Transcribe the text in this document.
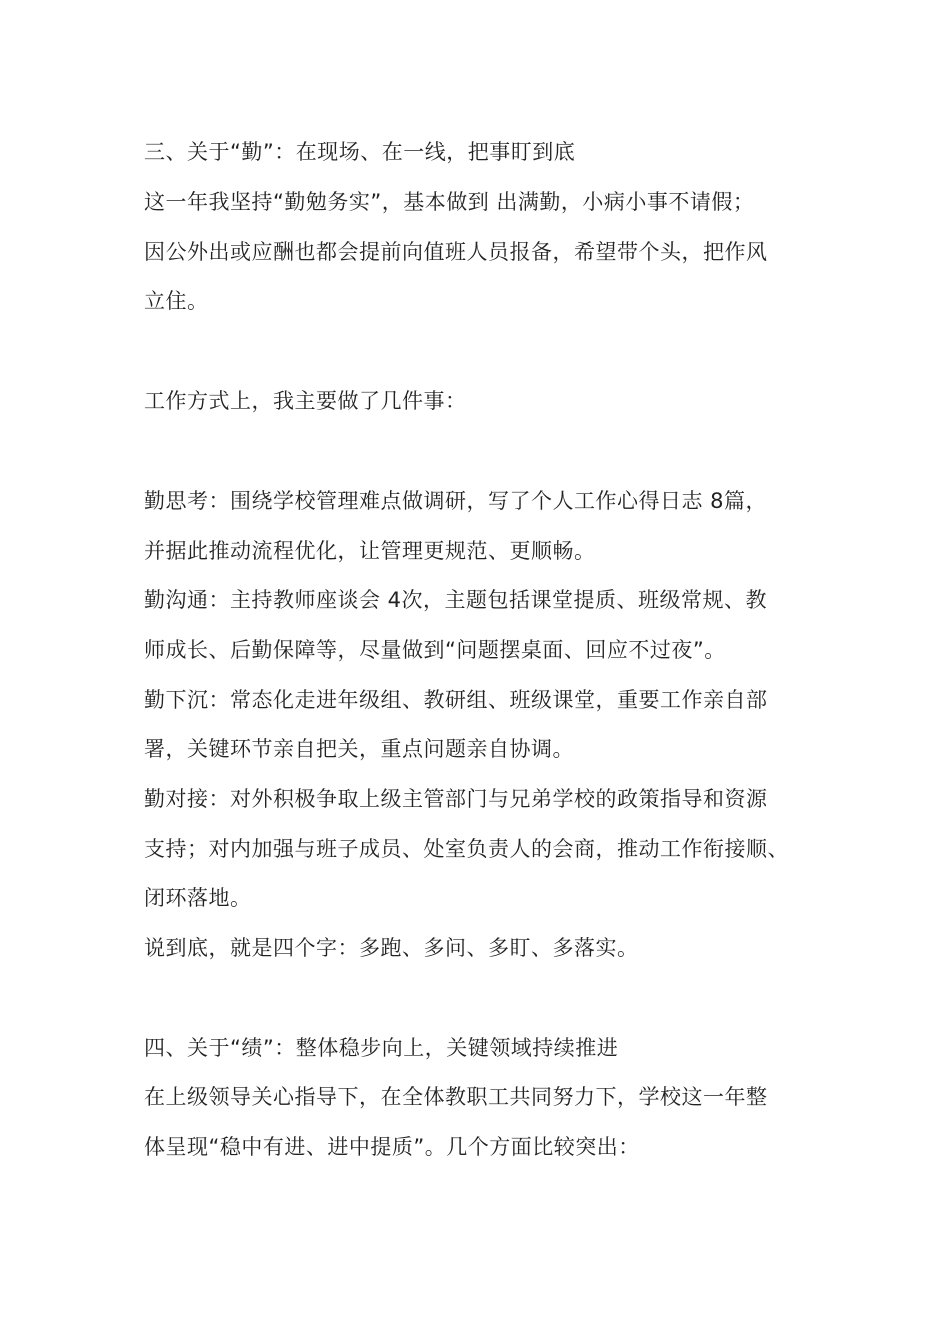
三、关于“勤”：在现场、在一线，把事盯到底
这一年我坚持“勤勉务实”，基本做到 出满勤，小病小事不请假；
因公外出或应酬也都会提前向值班人员报备，希望带个头，把作风
立住。
工作方式上，我主要做了几件事：
勤思考：围绕学校管理难点做调研，写了个人工作心得日志 8篇，
并据此推动流程优化，让管理更规范、更顺畅。
勤沟通：主持教师座谈会 4次，主题包括课堂提质、班级常规、教
师成长、后勤保障等，尽量做到“问题摆桌面、回应不过夜”。
勤下沉：常态化走进年级组、教研组、班级课堂，重要工作亲自部
署，关键环节亲自把关，重点问题亲自协调。
勤对接：对外积极争取上级主管部门与兄弟学校的政策指导和资源
支持；对内加强与班子成员、处室负责人的会商，推动工作衔接顺、
闭环落地。
说到底，就是四个字：多跑、多问、多盯、多落实。
四、关于“绩”：整体稳步向上，关键领域持续推进
在上级领导关心指导下，在全体教职工共同努力下，学校这一年整
体呈现“稳中有进、进中提质”。几个方面比较突出：
